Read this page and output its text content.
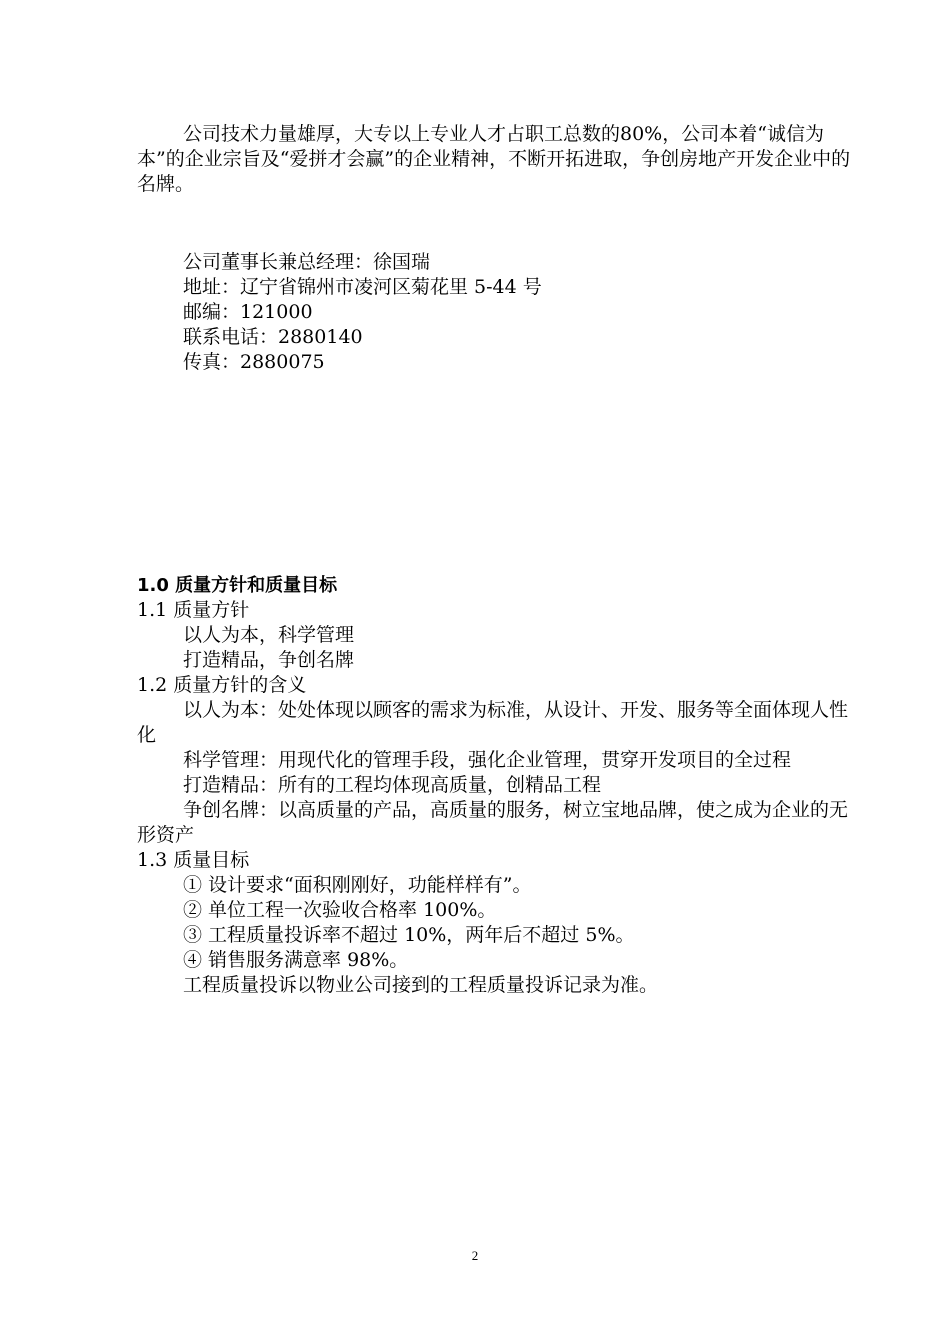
公司技术力量雄厚，大专以上专业人才占职工总数的80%，公司本着“诚信为本”的企业宗旨及“爱拼才会赢”的企业精神，不断开拓进取，争创房地产开发企业中的名牌。

公司董事长兼总经理：徐国瑞

地址：辽宁省锦州市凌河区菊花里 5-44 号

邮编：121000

联系电话：2880140

传真：2880075

1.0 质量方针和质量目标

1.1 质量方针

以人为本，科学管理

打造精品，争创名牌

1.2 质量方针的含义

以人为本：处处体现以顾客的需求为标准，从设计、开发、服务等全面体现人性化

科学管理：用现代化的管理手段，强化企业管理，贯穿开发项目的全过程

打造精品：所有的工程均体现高质量，创精品工程

争创名牌：以高质量的产品，高质量的服务，树立宝地品牌，使之成为企业的无形资产

1.3 质量目标

① 设计要求“面积刚刚好，功能样样有”。

② 单位工程一次验收合格率 100%。

③ 工程质量投诉率不超过 10%，两年后不超过 5%。

④ 销售服务满意率 98%。

工程质量投诉以物业公司接到的工程质量投诉记录为准。

2
